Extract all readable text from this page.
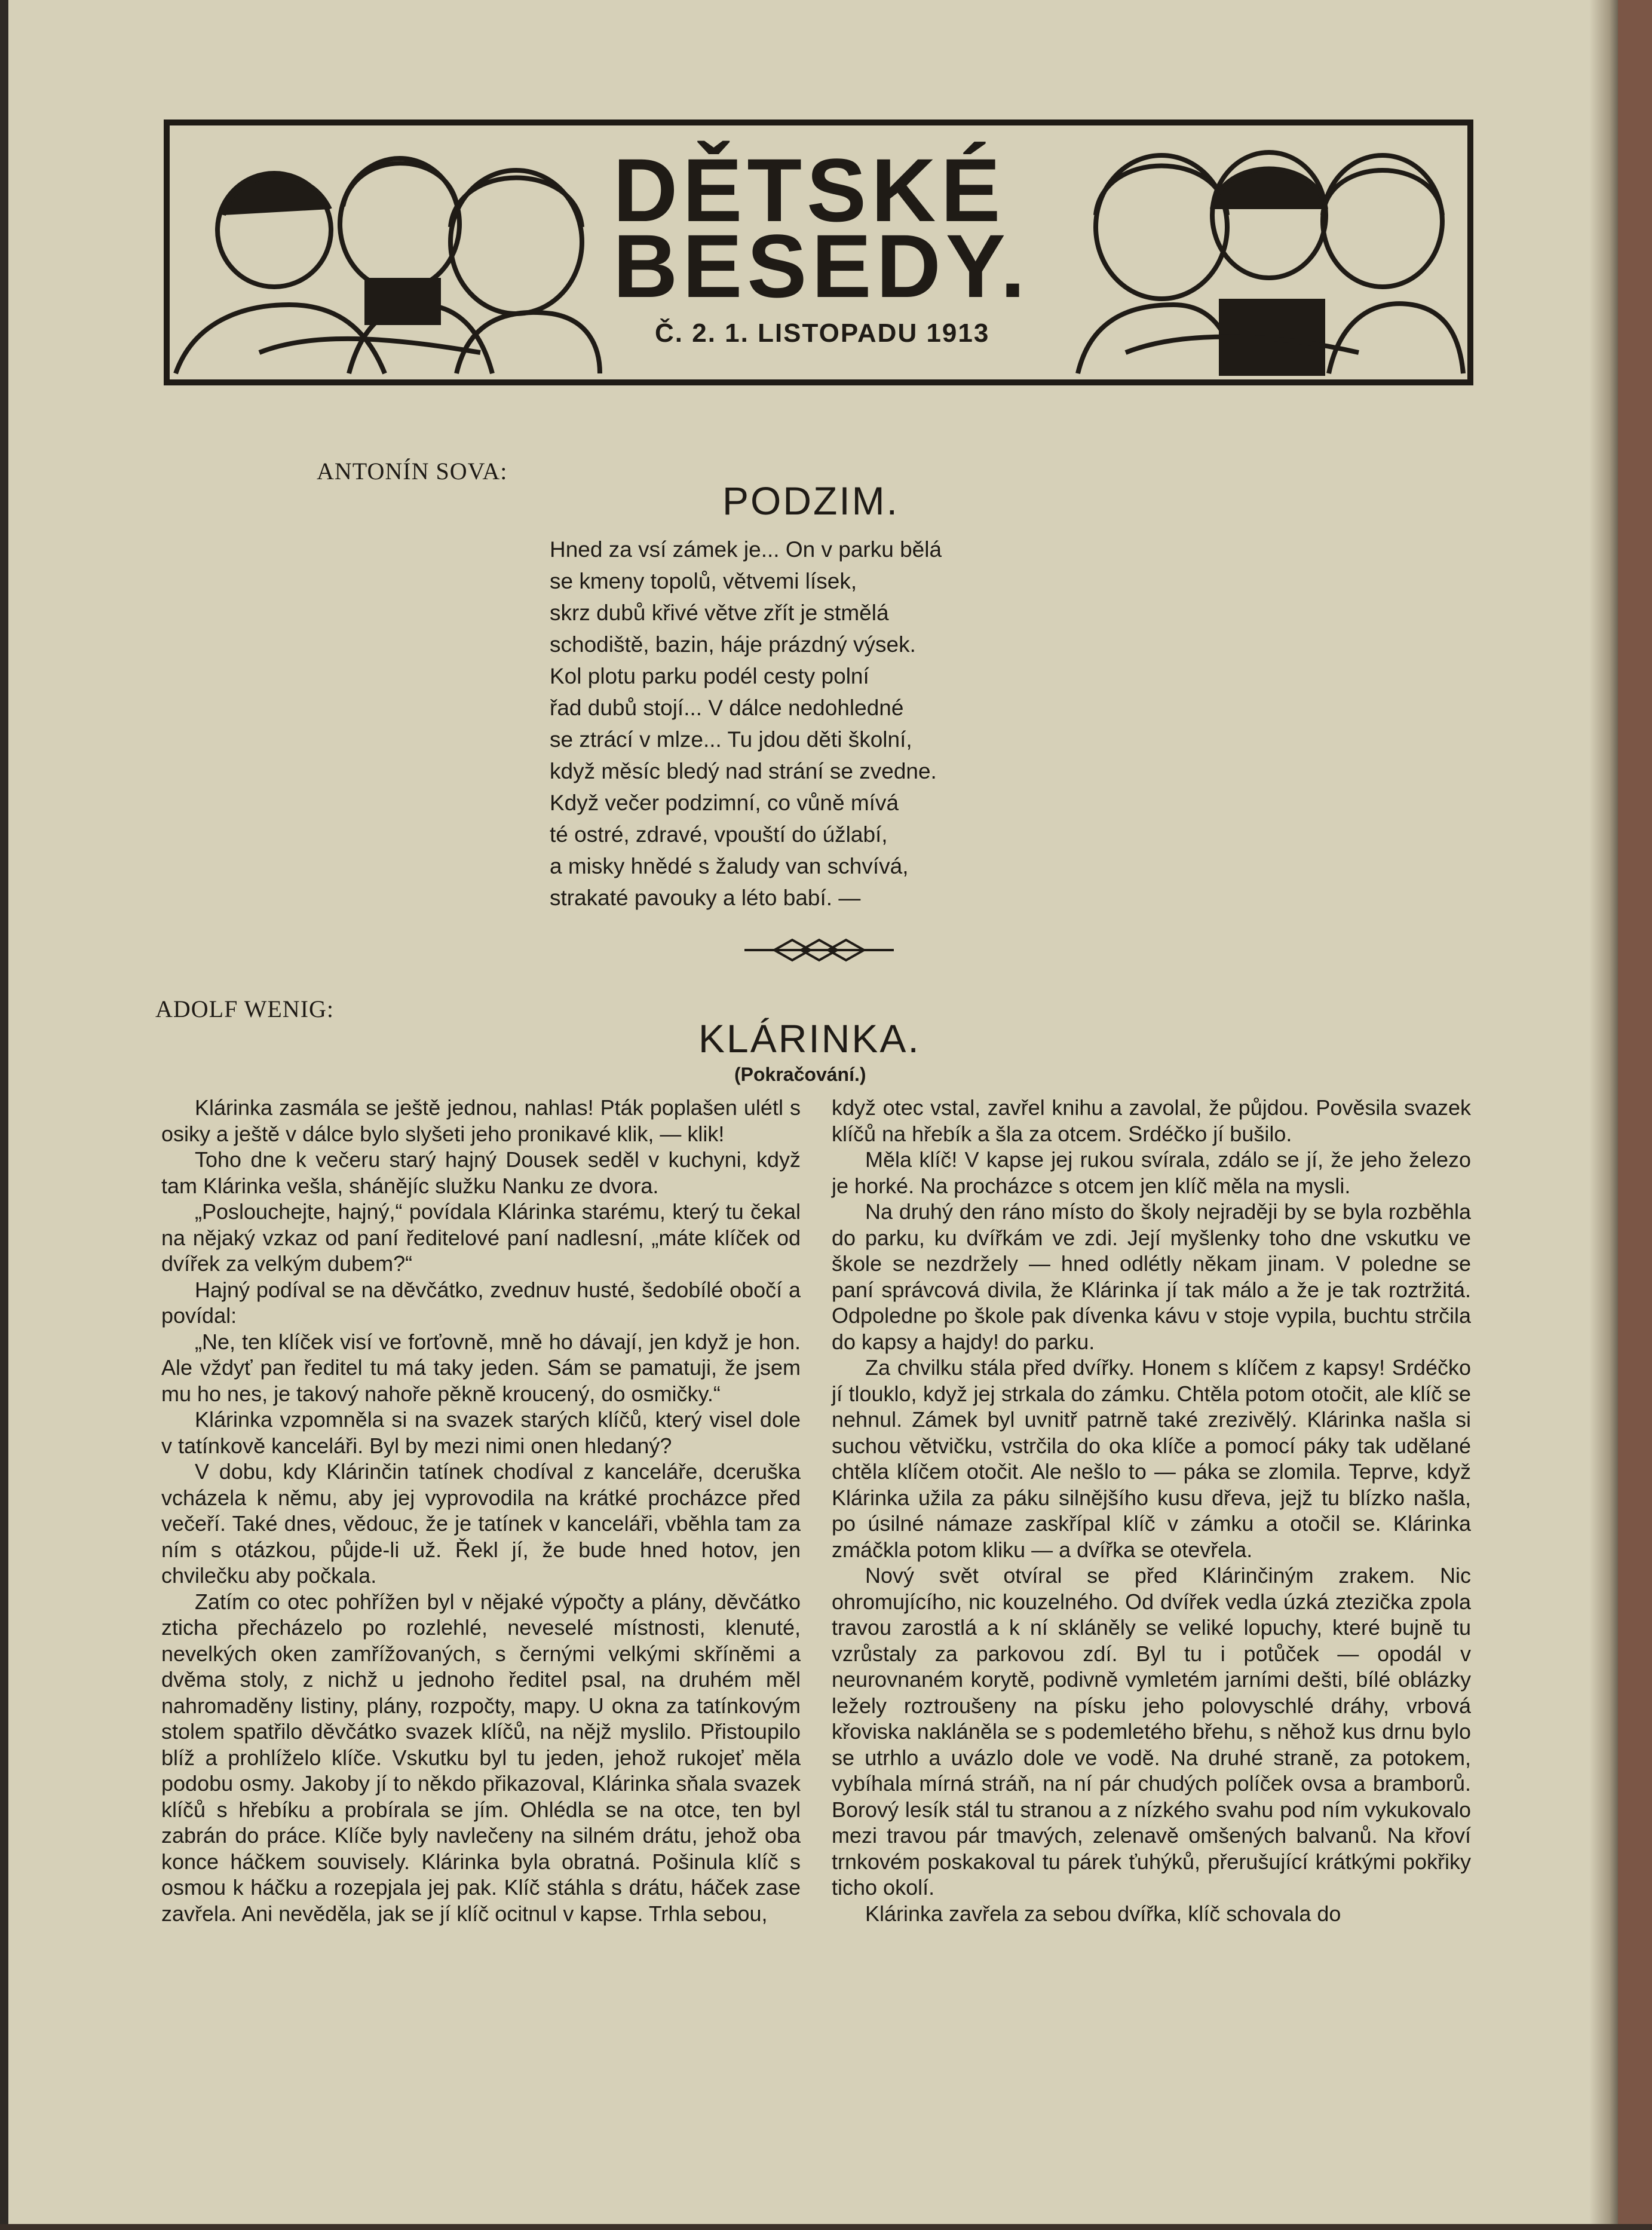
DĚTSKÉ
BESEDY.
Č. 2. 1. LISTOPADU 1913
ANTONÍN SOVA:
PODZIM.
Hned za vsí zámek je... On v parku bělá
se kmeny topolů, větvemi lísek,
skrz dubů křivé větve zřít je stmělá
schodiště, bazin, háje prázdný výsek.
Kol plotu parku podél cesty polní
řad dubů stojí... V dálce nedohledné
se ztrácí v mlze... Tu jdou děti školní,
když měsíc bledý nad strání se zvedne.
Když večer podzimní, co vůně mívá
té ostré, zdravé, vpouští do úžlabí,
a misky hnědé s žaludy van schvívá,
strakaté pavouky a léto babí. —
ADOLF WENIG:
KLÁRINKA.
(Pokračování.)

Klárinka zasmála se ještě jednou, nahlas! Pták poplašen ulétl s osiky a ještě v dálce bylo slyšeti jeho pronikavé klik, — klik!

Toho dne k večeru starý hajný Dousek seděl v kuchyni, když tam Klárinka vešla, shánějíc služku Nanku ze dvora.

„Poslouchejte, hajný,“ povídala Klárinka starému, který tu čekal na nějaký vzkaz od paní ředitelové paní nadlesní, „máte klíček od dvířek za velkým dubem?“

Hajný podíval se na děvčátko, zvednuv husté, šedobílé obočí a povídal:

„Ne, ten klíček visí ve forťovně, mně ho dávají, jen když je hon. Ale vždyť pan ředitel tu má taky jeden. Sám se pamatuji, že jsem mu ho nes, je takový nahoře pěkně kroucený, do osmičky.“

Klárinka vzpomněla si na svazek starých klíčů, který visel dole v tatínkově kanceláři. Byl by mezi nimi onen hledaný?

V dobu, kdy Klárinčin tatínek chodíval z kanceláře, dceruška vcházela k němu, aby jej vyprovodila na krátké procházce před večeří. Také dnes, vědouc, že je tatínek v kanceláři, vběhla tam za ním s otázkou, půjde-li už. Řekl jí, že bude hned hotov, jen chvilečku aby počkala.

Zatím co otec pohřížen byl v nějaké výpočty a plány, děvčátko zticha přecházelo po rozlehlé, neveselé místnosti, klenuté, nevelkých oken zamřížovaných, s černými velkými skříněmi a dvěma stoly, z nichž u jednoho ředitel psal, na druhém měl nahromaděny listiny, plány, rozpočty, mapy. U okna za tatínkovým stolem spatřilo děvčátko svazek klíčů, na nějž myslilo. Přistoupilo blíž a prohlíželo klíče. Vskutku byl tu jeden, jehož rukojeť měla podobu osmy. Jakoby jí to někdo přikazoval, Klárinka sňala svazek klíčů s hřebíku a probírala se jím. Ohlédla se na otce, ten byl zabrán do práce. Klíče byly navlečeny na silném drátu, jehož oba konce háčkem souvisely. Klárinka byla obratná. Pošinula klíč s osmou k háčku a rozepjala jej pak. Klíč stáhla s drátu, háček zase zavřela. Ani nevěděla, jak se jí klíč ocitnul v kapse. Trhla sebou,

když otec vstal, zavřel knihu a zavolal, že půjdou. Pověsila svazek klíčů na hřebík a šla za otcem. Srdéčko jí bušilo.

Měla klíč! V kapse jej rukou svírala, zdálo se jí, že jeho železo je horké. Na procházce s otcem jen klíč měla na mysli.

Na druhý den ráno místo do školy nejraději by se byla rozběhla do parku, ku dvířkám ve zdi. Její myšlenky toho dne vskutku ve škole se nezdržely — hned odlétly někam jinam. V poledne se paní správcová divila, že Klárinka jí tak málo a že je tak roztržitá. Odpoledne po škole pak dívenka kávu v stoje vypila, buchtu strčila do kapsy a hajdy! do parku.

Za chvilku stála před dvířky. Honem s klíčem z kapsy! Srdéčko jí tlouklo, když jej strkala do zámku. Chtěla potom otočit, ale klíč se nehnul. Zámek byl uvnitř patrně také zrezivělý. Klárinka našla si suchou větvičku, vstrčila do oka klíče a pomocí páky tak udělané chtěla klíčem otočit. Ale nešlo to — páka se zlomila. Teprve, když Klárinka užila za páku silnějšího kusu dřeva, jejž tu blízko našla, po úsilné námaze zaskřípal klíč v zámku a otočil se. Klárinka zmáčkla potom kliku — a dvířka se otevřela.

Nový svět otvíral se před Klárinčiným zrakem. Nic ohromujícího, nic kouzelného. Od dvířek vedla úzká ztezička zpola travou zarostlá a k ní skláněly se veliké lopuchy, které bujně tu vzrůstaly za parkovou zdí. Byl tu i potůček — opodál v neurovnaném korytě, podivně vymletém jarními dešti, bílé oblázky ležely roztroušeny na písku jeho polovyschlé dráhy, vrbová křoviska nakláněla se s podemletého břehu, s něhož kus drnu bylo se utrhlo a uvázlo dole ve vodě. Na druhé straně, za potokem, vybíhala mírná stráň, na ní pár chudých políček ovsa a bramborů. Borový lesík stál tu stranou a z nízkého svahu pod ním vykukovalo mezi travou pár tmavých, zelenavě omšených balvanů. Na křoví trnkovém poskakoval tu párek ťuhýků, přerušující krátkými pokřiky ticho okolí.

Klárinka zavřela za sebou dvířka, klíč schovala do
